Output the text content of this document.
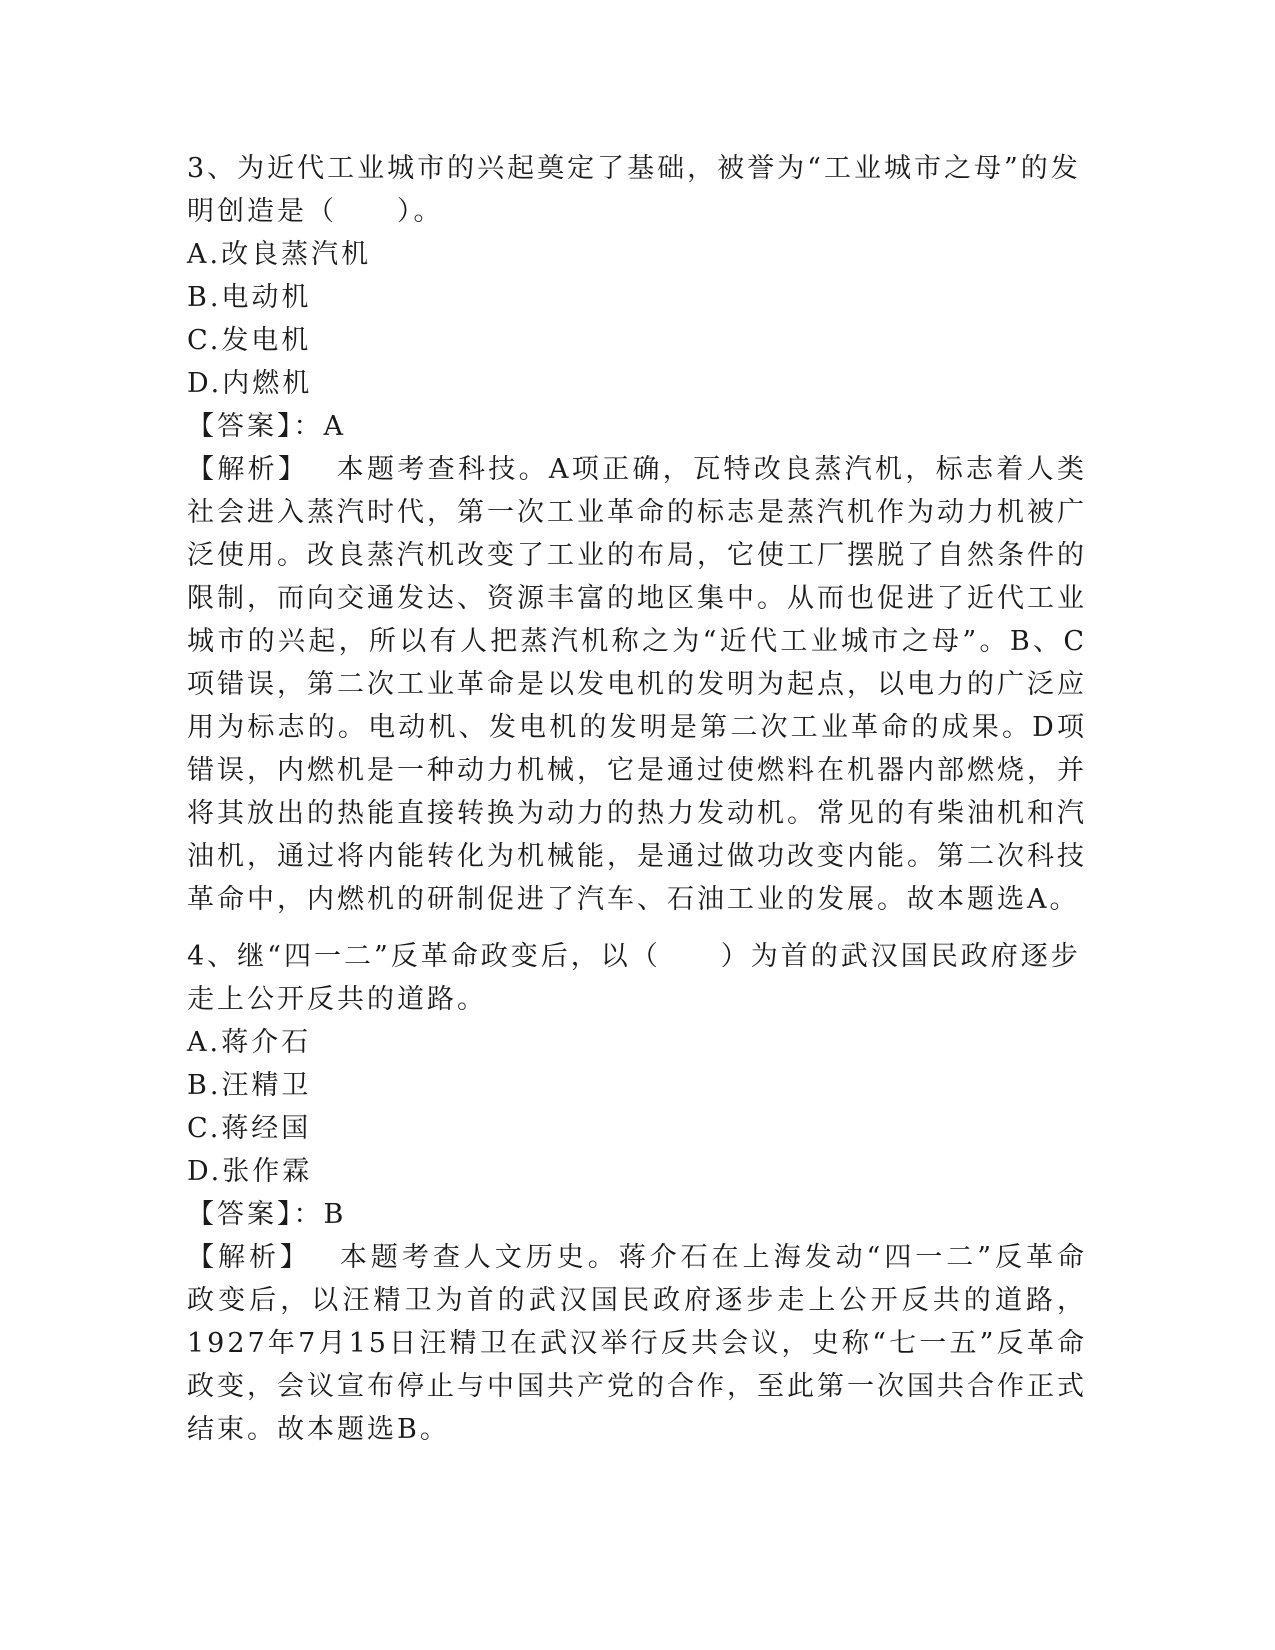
3、为近代工业城市的兴起奠定了基础，被誉为“工业城市之母”的发

明创造是（　　）。

A.改良蒸汽机

B.电动机

C.发电机

D.内燃机

【答案】：A

【解析】 本题考查科技。A项正确，瓦特改良蒸汽机，标志着人类社会进入蒸汽时代，第一次工业革命的标志是蒸汽机作为动力机被广泛使用。改良蒸汽机改变了工业的布局，它使工厂摆脱了自然条件的限制，而向交通发达、资源丰富的地区集中。从而也促进了近代工业城市的兴起，所以有人把蒸汽机称之为“近代工业城市之母”。B、C项错误，第二次工业革命是以发电机的发明为起点，以电力的广泛应用为标志的。电动机、发电机的发明是第二次工业革命的成果。D项错误，内燃机是一种动力机械，它是通过使燃料在机器内部燃烧，并将其放出的热能直接转换为动力的热力发动机。常见的有柴油机和汽油机，通过将内能转化为机械能，是通过做功改变内能。第二次科技革命中，内燃机的研制促进了汽车、石油工业的发展。故本题选A。

4、继“四一二”反革命政变后，以（　　）为首的武汉国民政府逐步

走上公开反共的道路。

A.蒋介石

B.汪精卫

C.蒋经国

D.张作霖

【答案】：B

【解析】 本题考查人文历史。蒋介石在上海发动“四一二”反革命政变后，以汪精卫为首的武汉国民政府逐步走上公开反共的道路，1927年7月15日汪精卫在武汉举行反共会议，史称“七一五”反革命政变，会议宣布停止与中国共产党的合作，至此第一次国共合作正式结束。故本题选B。
